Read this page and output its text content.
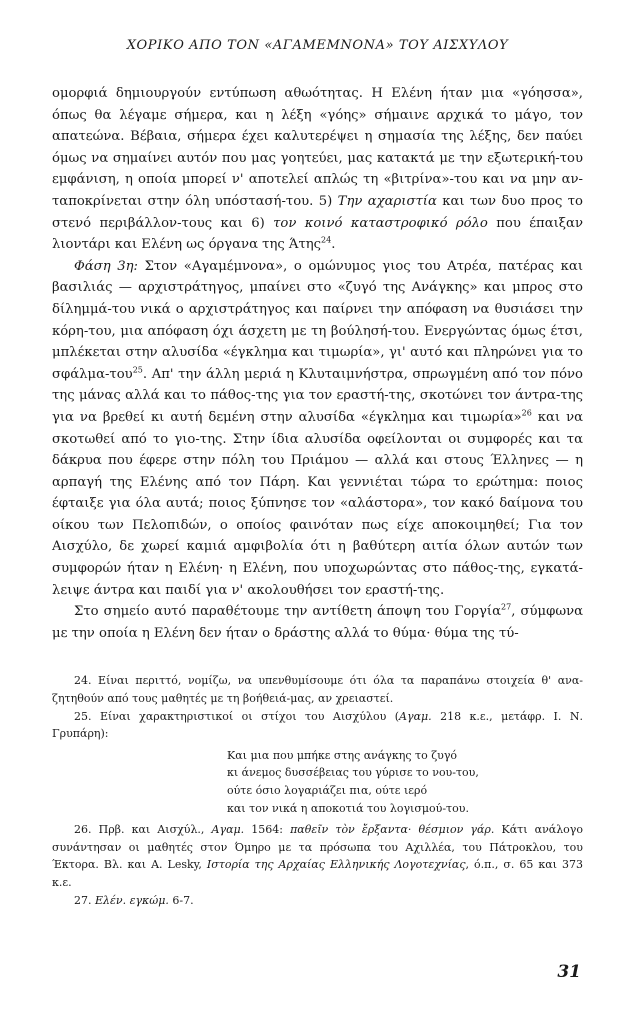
ΧΟΡΙΚΟ ΑΠΟ ΤΟΝ «ΑΓΑΜΕΜΝΟΝΑ» ΤΟΥ ΑΙΣΧΥΛΟΥ

ομορφιά δημιουργούν εντύπωση αθωότητας. Η Ελένη ήταν μια «γόησσα», όπως θα λέγαμε σήμερα, και η λέξη «γόης» σήμαινε αρχικά το μάγο, τον απατεώνα. Βέβαια, σήμερα έχει καλυτερέψει η σημασία της λέξης, δεν παύει όμως να σημαίνει αυτόν που μας γοητεύει, μας κατακτά με την εξωτερική-του εμφάνιση, η οποία μπορεί ν' αποτελεί απλώς τη «βιτρίνα»-του και να μην ανταποκρίνεται στην όλη υπόστασή-του. 5) Την αχαριστία και των δυο προς το στενό περιβάλλον-τους και 6) τον κοινό καταστροφικό ρόλο που έπαιξαν λιοντάρι και Ελένη ως όργανα της Άτης$^{24}$.

Φάση 3η: Στον «Αγαμέμνονα», ο ομώνυμος γιος του Ατρέα, πατέρας και βασιλιάς — αρχιστράτηγος, μπαίνει στο «ζυγό της Ανάγκης» και μπρος στο δίλημμά-του νικά ο αρχιστράτηγος και παίρνει την απόφαση να θυσιάσει την κόρη-του, μια απόφαση όχι άσχετη με τη βούλησή-του. Ενεργώντας όμως έτσι, μπλέκεται στην αλυσίδα «έγκλημα και τιμωρία», γι' αυτό και πληρώνει για το σφάλμα-του$^{25}$. Απ' την άλλη μεριά η Κλυταιμνήστρα, σπρωγμένη από τον πόνο της μάνας αλλά και το πάθος-της για τον εραστή-της, σκοτώνει τον άντρα-της για να βρεθεί κι αυτή δεμένη στην αλυσίδα «έγκλημα και τιμωρία»$^{26}$ και να σκοτωθεί από το γιο-της. Στην ίδια αλυσίδα οφείλονται οι συμφορές και τα δάκρυα που έφερε στην πόλη του Πριάμου — αλλά και στους Έλληνες — η αρπαγή της Ελένης από τον Πάρη. Και γεννιέται τώρα το ερώτημα: ποιος έφταιξε για όλα αυτά; ποιος ξύπνησε τον «αλάστορα», τον κακό δαίμονα του οίκου των Πελοπιδών, ο οποίος φαινόταν πως είχε αποκοιμηθεί; Για τον Αισχύλο, δε χωρεί καμιά αμφιβολία ότι η βαθύτερη αιτία όλων αυτών των συμφορών ήταν η Ελένη· η Ελένη, που υποχωρώντας στο πάθος-της, εγκατάλειψε άντρα και παιδί για ν' ακολουθήσει τον εραστή-της.

Στο σημείο αυτό παραθέτουμε την αντίθετη άποψη του Γοργία$^{27}$, σύμφωνα με την οποία η Ελένη δεν ήταν ο δράστης αλλά το θύμα· θύμα της τύ-

24. Είναι περιττό, νομίζω, να υπενθυμίσουμε ότι όλα τα παραπάνω στοιχεία θ' αναζητηθούν από τους μαθητές με τη βοήθειά-μας, αν χρειαστεί.

25. Είναι χαρακτηριστικοί οι στίχοι του Αισχύλου (Αγαμ. 218 κ.ε., μετάφρ. Ι. Ν. Γρυπάρη):

Και μια που μπήκε στης ανάγκης το ζυγό
κι άνεμος δυσσέβειας του γύρισε το νου-του,
ούτε όσιο λογαριάζει πια, ούτε ιερό
και τον νικά η αποκοτιά του λογισμού-του.

26. Πρβ. και Αισχύλ., Αγαμ. 1564: παθεῖν τὸν ἔρξαντα· θέσμιον γάρ. Κάτι ανάλογο συνάντησαν οι μαθητές στον Όμηρο με τα πρόσωπα του Αχιλλέα, του Πάτροκλου, του Έκτορα. Βλ. και Α. Lesky, Ιστορία της Αρχαίας Ελληνικής Λογοτεχνίας, ό.π., σ. 65 και 373 κ.ε.

27. Ελέν. εγκώμ. 6-7.

31
